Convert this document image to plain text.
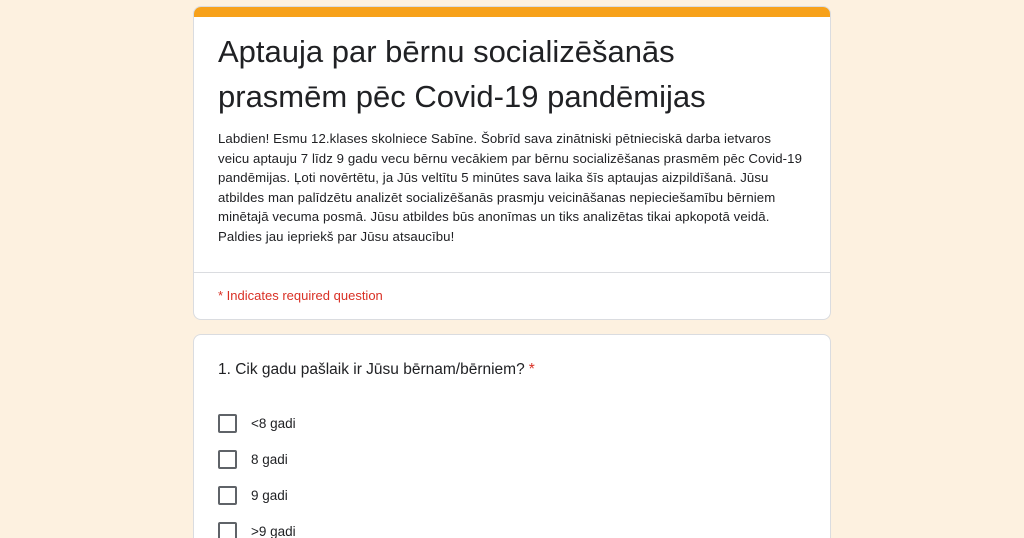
Aptauja par bērnu socializēšanās
prasmēm pēc Covid-19 pandēmijas
Labdien! Esmu 12.klases skolniece Sabīne. Šobrīd sava zinātniski pētnieciskā darba ietvaros veicu aptauju 7 līdz 9 gadu vecu bērnu vecākiem par bērnu socializēšanas prasmēm pēc Covid-19 pandēmijas. Ļoti novērtētu, ja Jūs veltītu 5 minūtes sava laika šīs aptaujas aizpildīšanā. Jūsu atbildes man palīdzētu analizēt socializēšanās prasmju veicināšanas nepieciešamību bērniem minētajā vecuma posmā. Jūsu atbildes būs anonīmas un tiks analizētas tikai apkopotā veidā. Paldies jau iepriekš par Jūsu atsaucību!
* Indicates required question
1. Cik gadu pašlaik ir Jūsu bērnam/bērniem? *
<8 gadi
8 gadi
9 gadi
>9 gadi
